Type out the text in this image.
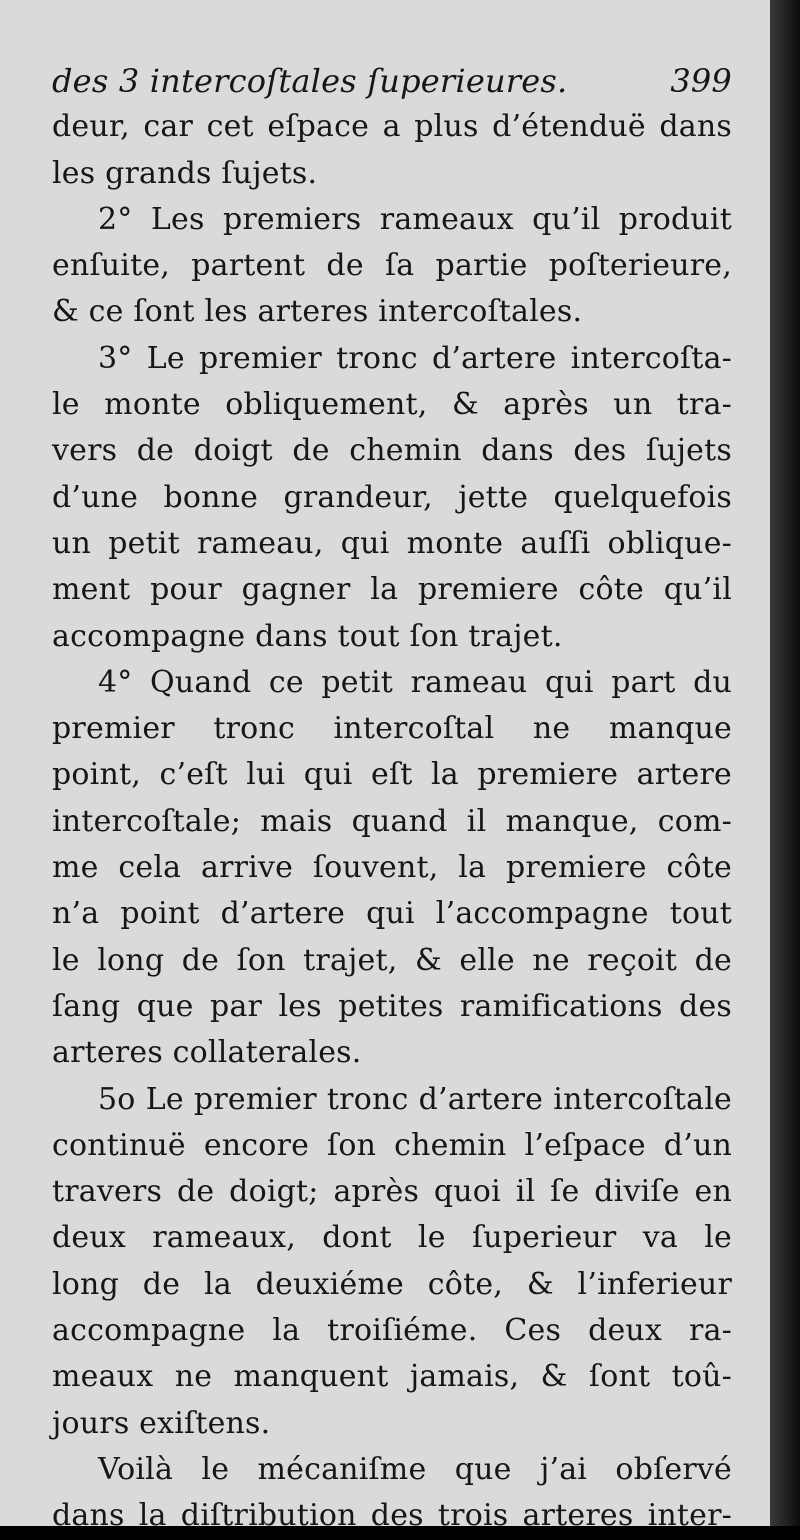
des 3 intercoſtales ſuperieures.	399
deur, car cet eſpace a plus d’étenduë dans
les grands ſujets.
2° Les premiers rameaux qu’il produit
enſuite, partent de ſa partie poſterieure,
& ce ſont les arteres intercoſtales.
3° Le premier tronc d’artere intercoſta-
le monte obliquement, & après un tra-
vers de doigt de chemin dans des ſujets
d’une bonne grandeur, jette quelquefois
un petit rameau, qui monte auſſi oblique-
ment pour gagner la premiere côte qu’il
accompagne dans tout ſon trajet.
4° Quand ce petit rameau qui part du
premier tronc intercoſtal ne manque
point, c’eſt lui qui eſt la premiere artere
intercoſtale; mais quand il manque, com-
me cela arrive ſouvent, la premiere côte
n’a point d’artere qui l’accompagne tout
le long de ſon trajet, & elle ne reçoit de
ſang que par les petites ramifications des
arteres collaterales.
5o Le premier tronc d’artere intercoſtale
continuë encore ſon chemin l’eſpace d’un
travers de doigt; après quoi il ſe diviſe en
deux rameaux, dont le ſuperieur va le
long de la deuxiéme côte, & l’inferieur
accompagne la troiſiéme. Ces deux ra-
meaux ne manquent jamais, & ſont toû-
jours exiſtens.
Voilà le mécaniſme que j’ai obſervé
dans la diſtribution des trois arteres inter-
